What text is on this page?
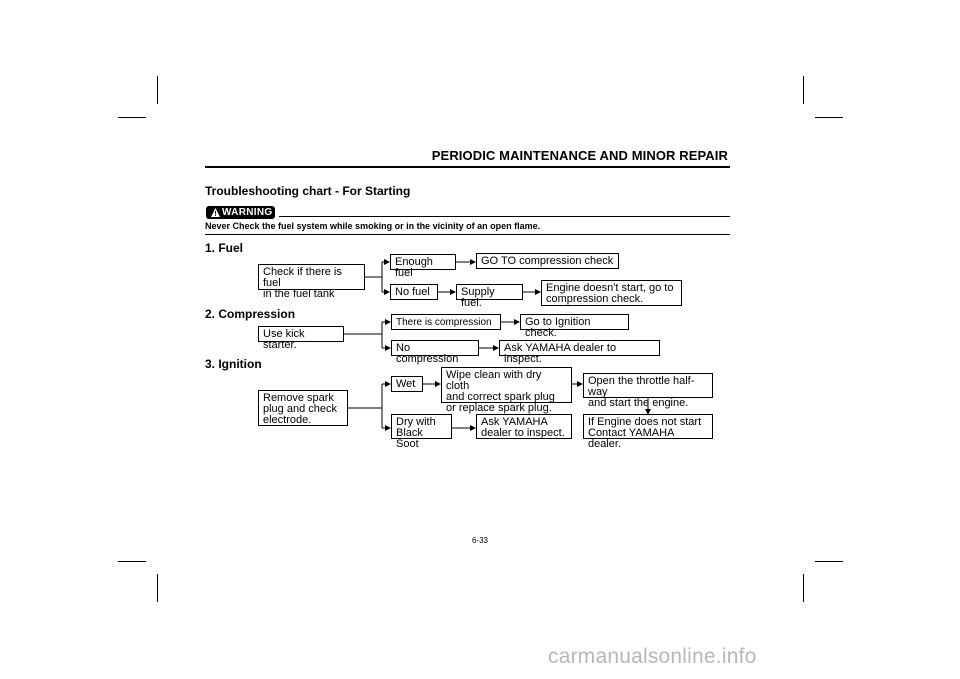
PERIODIC MAINTENANCE AND MINOR REPAIR
Troubleshooting chart - For Starting
WARNING
Never Check the fuel system while smoking or in the vicinity of an open flame.
1. Fuel
Check if there is fuel
in the fuel tank
Enough fuel
GO TO compression check
No fuel	Supply fuel.
Engine doesn't start, go to
compression check.
2. Compression
Use kick starter.
There is compression	Go to Ignition check.
No compression
Ask YAMAHA dealer to inspect.
3. Ignition
Remove spark
plug and check
electrode.
Wet
Wipe clean with dry cloth
and correct spark plug
or replace spark plug.
Open the throttle half-way
and start the engine.
If Engine does not start
Contact YAMAHA dealer.
Dry with
Black Soot
Ask YAMAHA
dealer to inspect.
6-33
carmanualsonline.info
